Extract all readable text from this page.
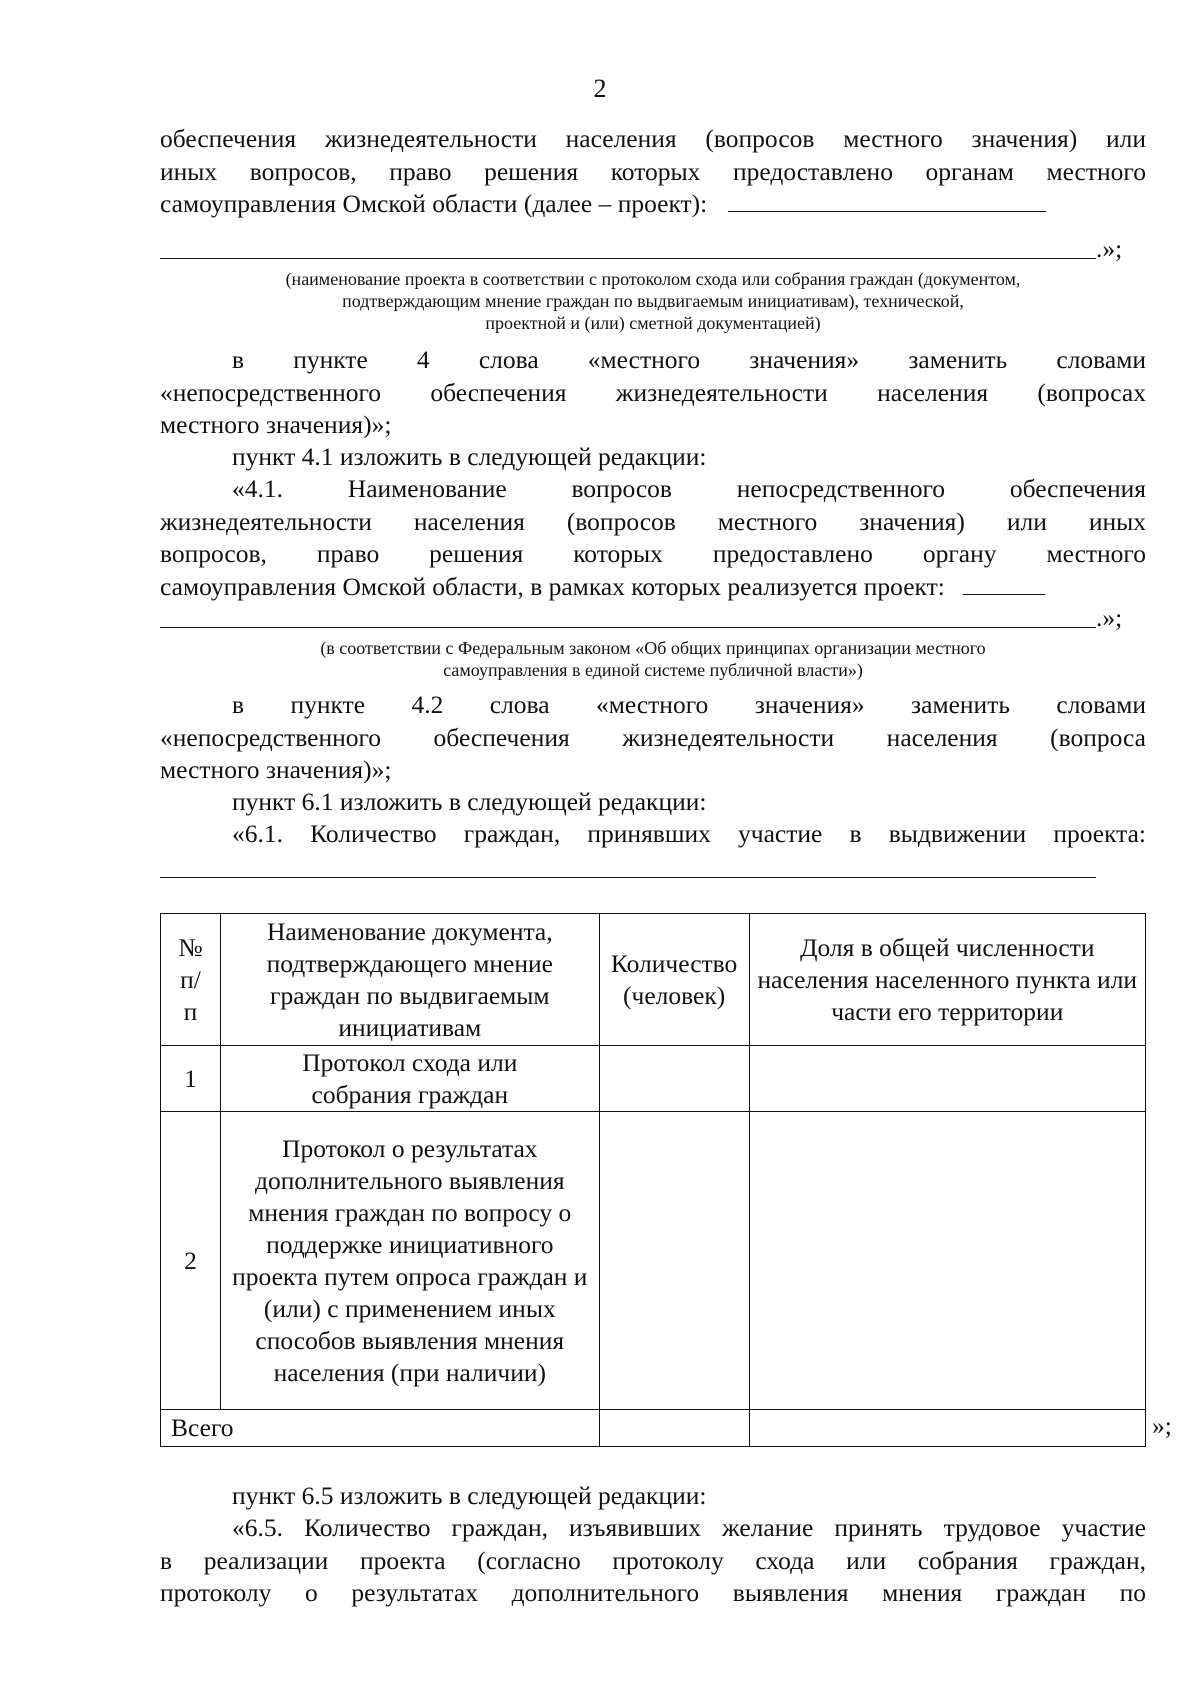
2
обеспечения жизнедеятельности населения (вопросов местного значения) или
иных вопросов, право решения которых предоставлено органам местного
самоуправления Омской области (далее – проект):
.»;
(наименование проекта в соответствии с протоколом схода или собрания граждан (документом,
подтверждающим мнение граждан по выдвигаемым инициативам), технической,
проектной и (или) сметной документацией)
в пункте 4 слова «местного значения» заменить словами
«непосредственного обеспечения жизнедеятельности населения (вопросах
местного значения)»;
пункт 4.1 изложить в следующей редакции:
«4.1. Наименование вопросов непосредственного обеспечения
жизнедеятельности населения (вопросов местного значения) или иных
вопросов, право решения которых предоставлено органу местного
самоуправления Омской области, в рамках которых реализуется проект:
.»;
(в соответствии с Федеральным законом «Об общих принципах организации местного
самоуправления в единой системе публичной власти»)
в пункте 4.2 слова «местного значения» заменить словами
«непосредственного обеспечения жизнедеятельности населения (вопроса
местного значения)»;
пункт 6.1 изложить в следующей редакции:
«6.1. Количество граждан, принявших участие в выдвижении проекта:
№ п/п	Наименование документа, подтверждающего мнение граждан по выдвигаемым инициативам	Количество (человек)	Доля в общей численности населения населенного пункта или части его территории
1	Протокол схода или собрания граждан		
2	Протокол о результатах дополнительного выявления мнения граждан по вопросу о поддержке инициативного проекта путем опроса граждан и (или) с применением иных способов выявления мнения населения (при наличии)		
Всего				»;
пункт 6.5 изложить в следующей редакции:
«6.5. Количество граждан, изъявивших желание принять трудовое участие
в реализации проекта (согласно протоколу схода или собрания граждан,
протоколу о результатах дополнительного выявления мнения граждан по
